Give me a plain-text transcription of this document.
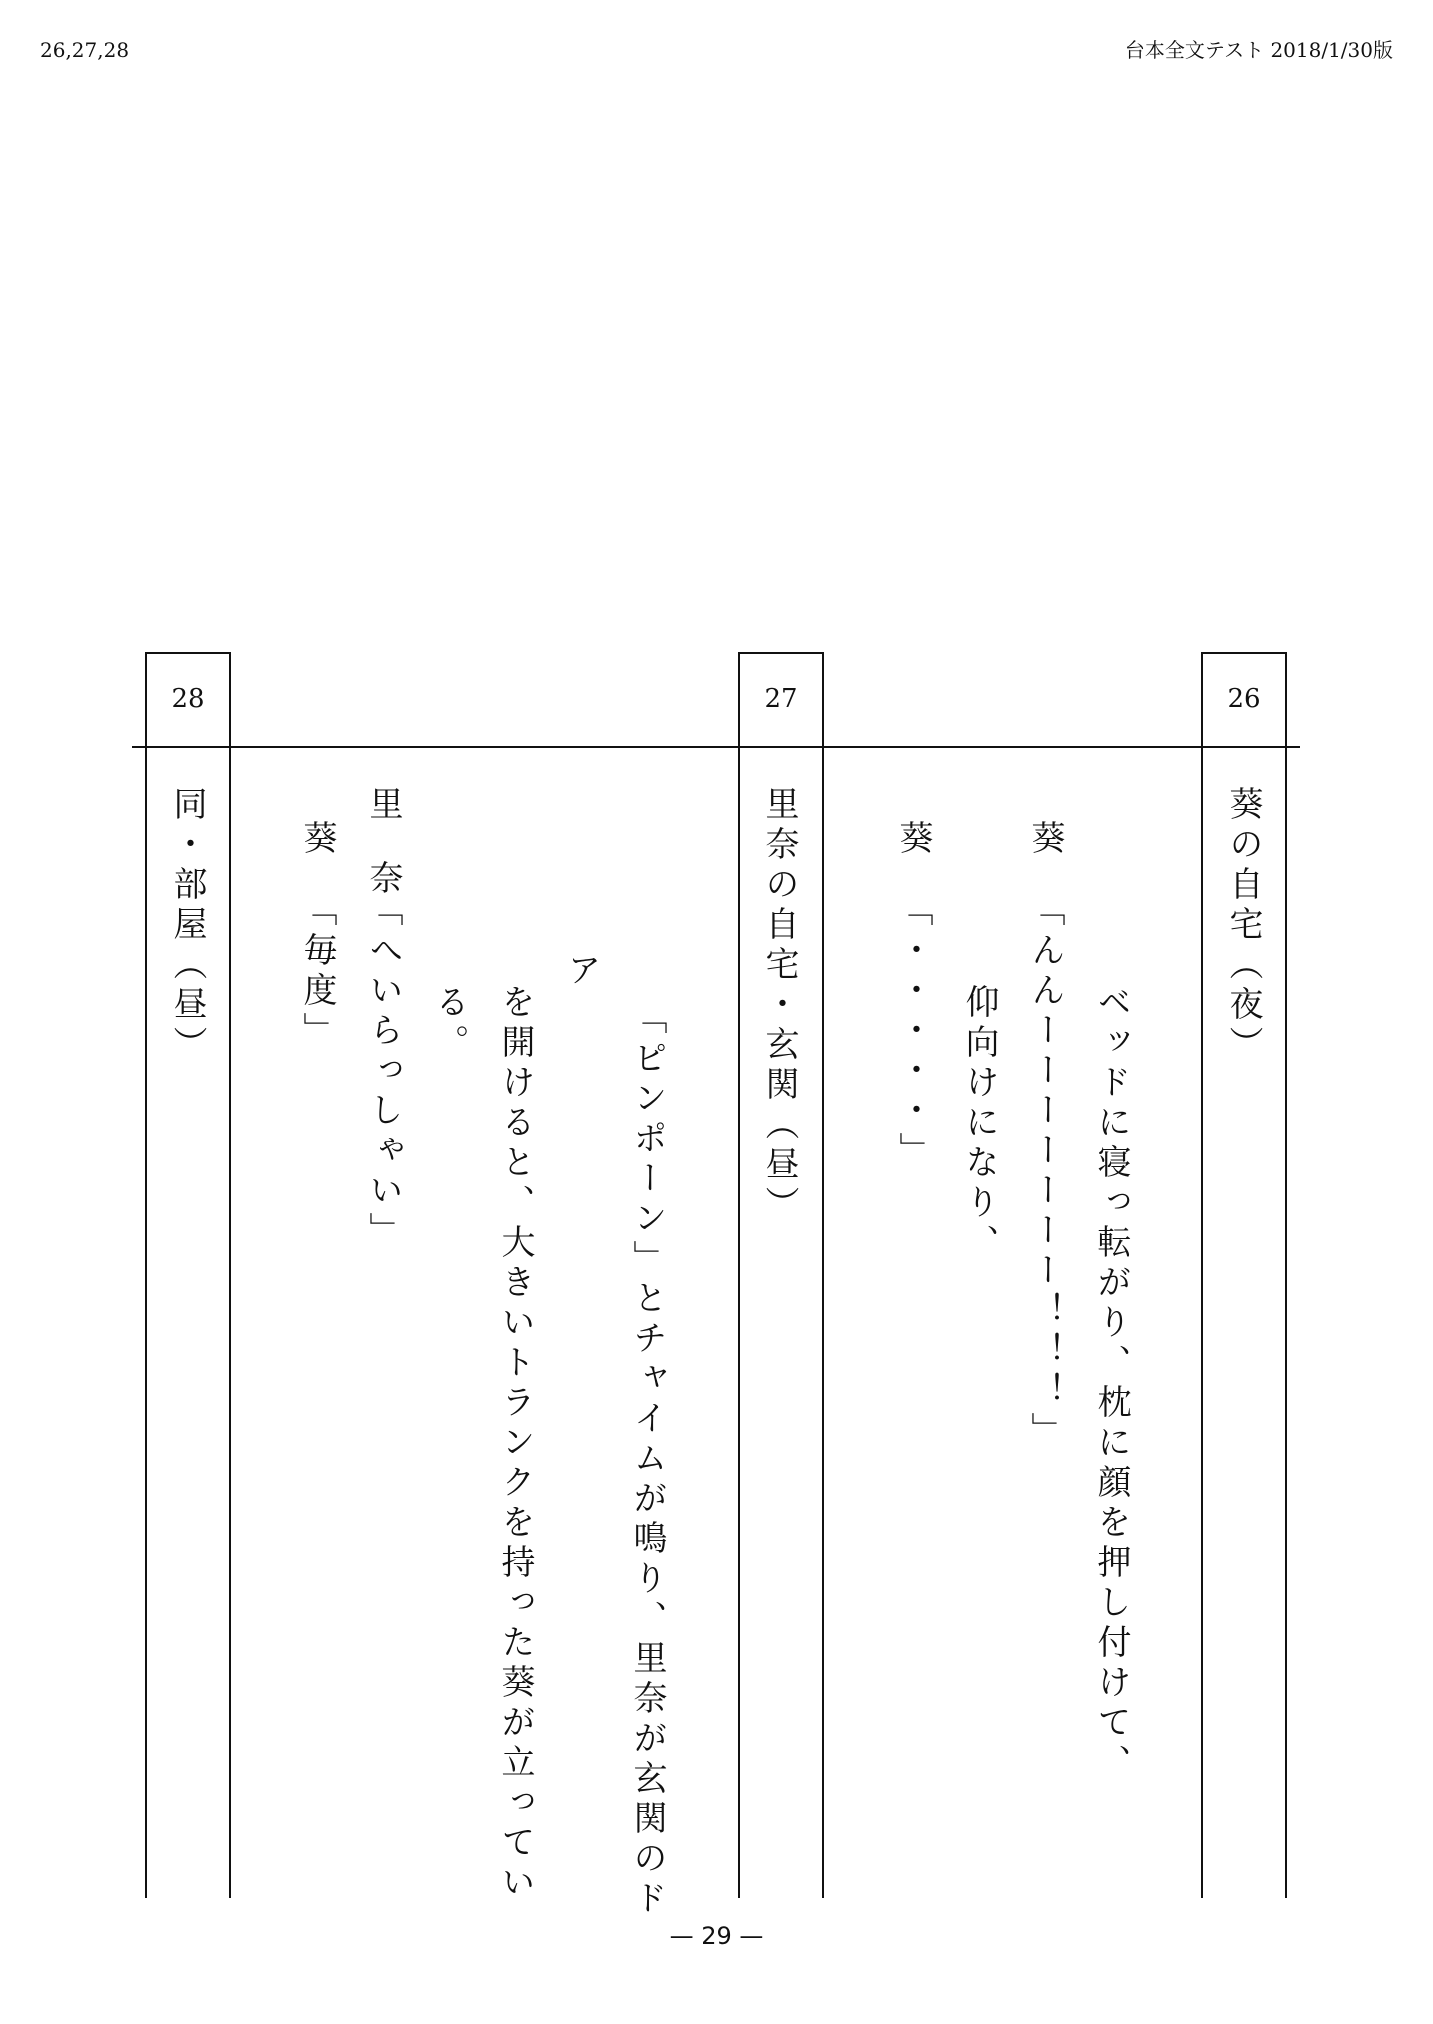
26,27,28	台本全文テスト 2018/1/30版
26
27
28
葵の自宅（夜）
ベッドに寝っ転がり、枕に顔を押し付けて、
葵
「んんーーーーーーー！！！」
仰向けになり、
葵
「・・・・・」
里奈の自宅・玄関（昼）
「ピンポーン」とチャイムが鳴り、里奈が玄関のド
ア
を開けると、大きいトランクを持った葵が立ってい
る。
里奈
「へいらっしゃい」
葵
「毎度」
同・部屋（昼）
— 29 —
